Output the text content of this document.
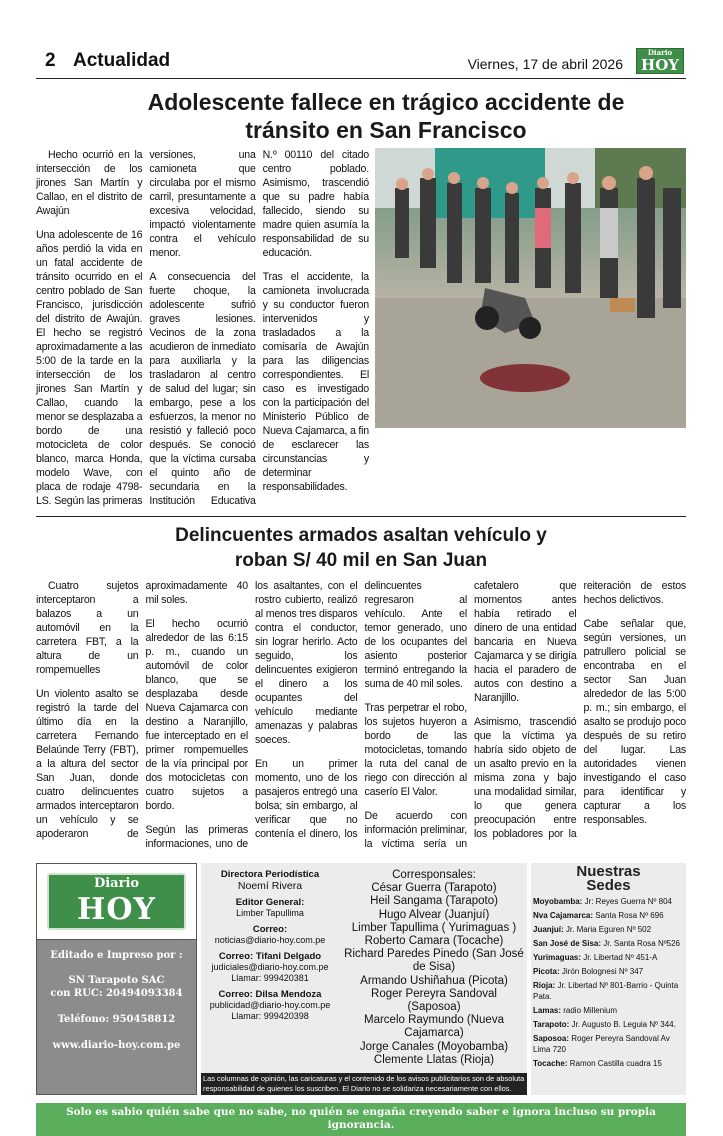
2 Actualidad	Viernes, 17 de abril 2026
Diario
HOY
Adolescente fallece en trágico accidente de tránsito en San Francisco

Hecho ocurrió en la intersección de los jirones San Martín y Callao, en el distrito de Awajún

Una adolescente de 16 años perdió la vida en un fatal accidente de tránsito ocurrido en el centro poblado de San Francisco, jurisdicción del distrito de Awajún. El hecho se registró aproximadamente a las 5:00 de la tarde en la intersección de los jirones San Martín y Callao, cuando la menor se desplazaba a bordo de una motocicleta de color blanco, marca Honda, modelo Wave, con placa de rodaje 4798-LS. Según las primeras versiones, una camioneta que circulaba por el mismo carril, presuntamente a excesiva velocidad, impactó violentamente contra el vehículo menor.

A consecuencia del fuerte choque, la adolescente sufrió graves lesiones. Vecinos de la zona acudieron de inmediato para auxiliarla y la trasladaron al centro de salud del lugar; sin embargo, pese a los esfuerzos, la menor no resistió y falleció poco después. Se conoció que la víctima cursaba el quinto año de secundaria en la Institución Educativa N.º 00110 del citado centro poblado. Asimismo, trascendió que su padre había fallecido, siendo su madre quien asumía la responsabilidad de su educación.

Tras el accidente, la camioneta involucrada y su conductor fueron intervenidos y trasladados a la comisaría de Awajún para las diligencias correspondientes. El caso es investigado con la participación del Ministerio Público de Nueva Cajamarca, a fin de esclarecer las circunstancias y determinar responsabilidades.

Delincuentes armados asaltan vehículo y roban S/ 40 mil en San Juan

Cuatro sujetos interceptaron a balazos a un automóvil en la carretera FBT, a la altura de un rompemuelles

Un violento asalto se registró la tarde del último día en la carretera Fernando Belaúnde Terry (FBT), a la altura del sector San Juan, donde cuatro delincuentes armados interceptaron un vehículo y se apoderaron de aproximadamente 40 mil soles.

El hecho ocurrió alrededor de las 6:15 p. m., cuando un automóvil de color blanco, que se desplazaba desde Nueva Cajamarca con destino a Naranjillo, fue interceptado en el primer rompemuelles de la vía principal por dos motocicletas con cuatro sujetos a bordo.

Según las primeras informaciones, uno de los asaltantes, con el rostro cubierto, realizó al menos tres disparos contra el conductor, sin lograr herirlo. Acto seguido, los delincuentes exigieron el dinero a los ocupantes del vehículo mediante amenazas y palabras soeces.

En un primer momento, uno de los pasajeros entregó una bolsa; sin embargo, al verificar que no contenía el dinero, los delincuentes regresaron al vehículo. Ante el temor generado, uno de los ocupantes del asiento posterior terminó entregando la suma de 40 mil soles.

Tras perpetrar el robo, los sujetos huyeron a bordo de las motocicletas, tomando la ruta del canal de riego con dirección al caserío El Valor.

De acuerdo con información preliminar, la víctima sería un cafetalero que momentos antes había retirado el dinero de una entidad bancaria en Nueva Cajamarca y se dirigía hacia el paradero de autos con destino a Naranjillo.

Asimismo, trascendió que la víctima ya habría sido objeto de un asalto previo en la misma zona y bajo una modalidad similar, lo que genera preocupación entre los pobladores por la reiteración de estos hechos delictivos.

Cabe señalar que, según versiones, un patrullero policial se encontraba en el sector San Juan alrededor de las 5:00 p. m.; sin embargo, el asalto se produjo poco después de su retiro del lugar. Las autoridades vienen investigando el caso para identificar y capturar a los responsables.

Diario
HOY
Editado e Impreso por :
SN Tarapoto SAC
con RUC: 20494093384
Teléfono: 950458812
www.diario-hoy.com.pe
Directora Periodística
Noemí Rivera
Editor General:
Limber Tapullima
Correo:
noticias@diario-hoy.com.pe
Correo: Tifani Delgado
judiciales@diario-hoy.com.pe
Llamar: 999420381
Correo: Dilsa Mendoza
publicidad@diario-hoy.com.pe
Llamar: 999420398
Corresponsales:
César Guerra (Tarapoto)
Heil Sangama (Tarapoto)
Hugo Alvear (Juanjuí)
Limber Tapullima ( Yurimaguas )
Roberto Camara (Tocache)
Richard Paredes Pinedo (San José de Sisa)
Armando Ushiñahua (Picota)
Roger Pereyra Sandoval (Saposoa)
Marcelo Raymundo (Nueva Cajamarca)
Jorge Canales (Moyobamba)
Clemente Llatas (Rioja)
Las columnas de opinión, las caricaturas y el contenido de los avisos publicitarios son de absoluta responsabilidad de quienes los suscriben. El Diario no se solidariza necesariamente con ellos.
Nuestras
Sedes
Moyobamba: Jr: Reyes Guerra Nº 804
Nva Cajamarca: Santa Rosa Nº 696
Juanjuí: Jr. Maria Eguren Nº 502
San José de Sisa: Jr. Santa Rosa Nº526
Yurimaguas: Jr. Libertad Nº 451-A
Picota: Jirón Bolognesi Nº 347
Rioja: Jr. Libertad Nº 801-Barrio - Quinta Pata.
Lamas: radio Millenium
Tarapoto: Jr. Augusto B. Leguia Nº 344.
Saposoa: Roger Pereyra Sandoval Av Lima 720
Tocache: Ramon Castilla cuadra 15
Solo es sabio quién sabe que no sabe, no quién se engaña creyendo saber e ignora incluso su propia ignorancia.
